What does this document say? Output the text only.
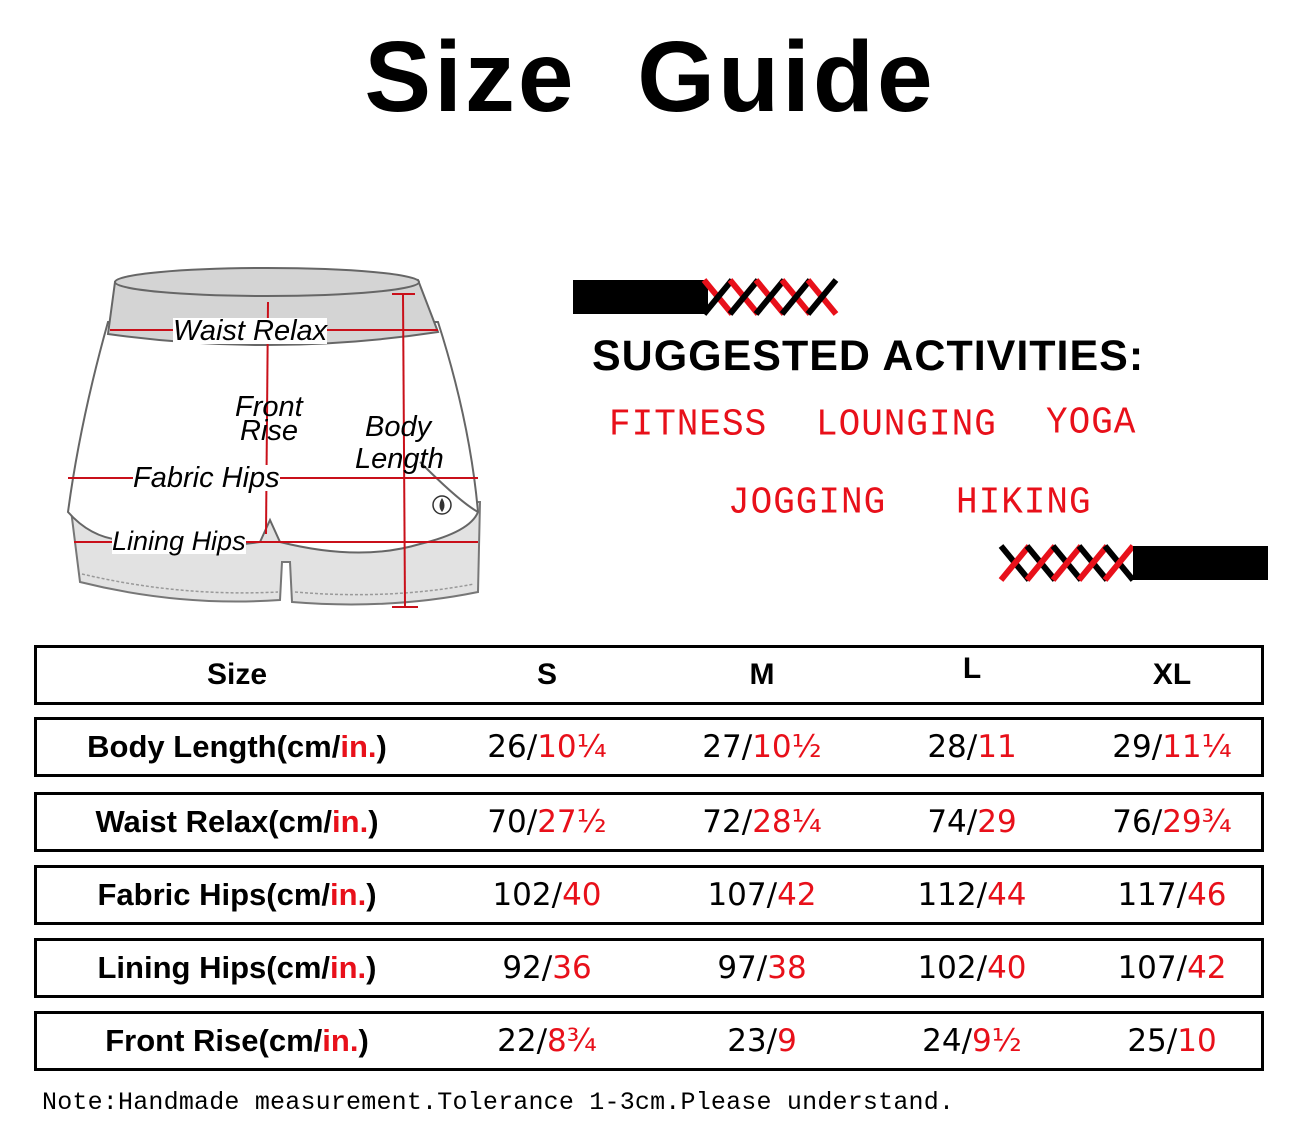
Size Guide
Waist Relax
Front
Rise Body
Length
Fabric Hips
Lining Hips
SUGGESTED ACTIVITIES:
FITNESS LOUNGING YOGA
JOGGING HIKING
Size	S	M	L	XL
Body Length(cm/ in. )	26/ 10¼	27/ 10½	28/ 11	29/ 11¼
Waist Relax(cm/ in. )	70/ 27½	72/ 28¼	74/ 29	76/ 29¾
Fabric Hips(cm/ in. )	102/ 40	107/ 42	112/ 44	117/ 46
Lining Hips(cm/ in. )	92/ 36	97/ 38	102/ 40	107/ 42
Front Rise(cm/ in. )	22/ 8¾	23/ 9	24/ 9½	25/ 10
Note:Handmade measurement.Tolerance 1-3cm.Please understand.
